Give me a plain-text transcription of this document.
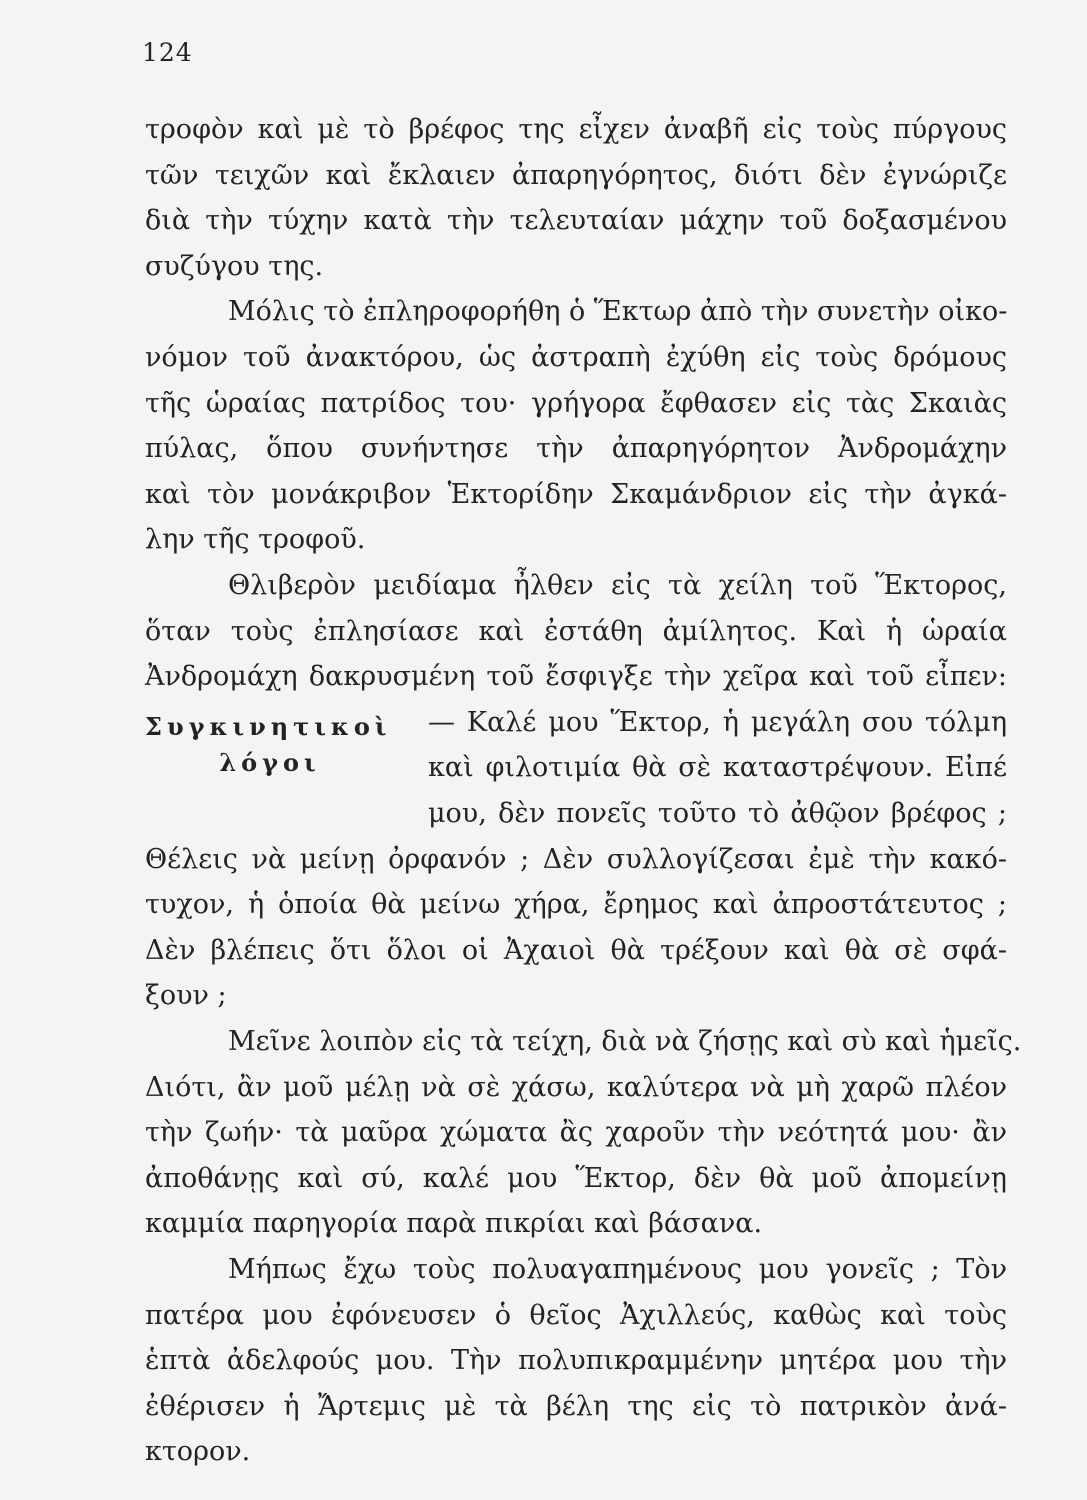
124
τροφὸν καὶ μὲ τὸ βρέφος της εἶχεν ἀναβῆ εἰς τοὺς πύργους
τῶν τειχῶν καὶ ἔκλαιεν ἀπαρηγόρητος, διότι δὲν ἐγνώριζε
διὰ τὴν τύχην κατὰ τὴν τελευταίαν μάχην τοῦ δοξασμένου
συζύγου της.
Μόλις τὸ ἐπληροφορήθη ὁ Ἕκτωρ ἀπὸ τὴν συνετὴν οἰκο-
νόμον τοῦ ἀνακτόρου, ὡς ἀστραπὴ ἐχύθη εἰς τοὺς δρόμους
τῆς ὡραίας πατρίδος του· γρήγορα ἔφθασεν εἰς τὰς Σκαιὰς
πύλας, ὅπου συνήντησε τὴν ἀπαρηγόρητον Ἀνδρομάχην
καὶ τὸν μονάκριβον Ἑκτορίδην Σκαμάνδριον εἰς τὴν ἀγκά-
λην τῆς τροφοῦ.
Θλιβερὸν μειδίαμα ἦλθεν εἰς τὰ χείλη τοῦ Ἕκτορος,
ὅταν τοὺς ἐπλησίασε καὶ ἐστάθη ἀμίλητος. Καὶ ἡ ὡραία
Ἀνδρομάχη δακρυσμένη τοῦ ἔσφιγξε τὴν χεῖρα καὶ τοῦ εἶπεν:
Συγκινητικοὶ
λόγοι
— Καλέ μου Ἕκτορ, ἡ μεγάλη σου τόλμη
καὶ φιλοτιμία θὰ σὲ καταστρέψουν. Εἰπέ
μου, δὲν πονεῖς τοῦτο τὸ ἀθῷον βρέφος ;
Θέλεις νὰ μείνῃ ὀρφανόν ; Δὲν συλλογίζεσαι ἐμὲ τὴν κακό-
τυχον, ἡ ὁποία θὰ μείνω χήρα, ἔρημος καὶ ἀπροστάτευτος ;
Δὲν βλέπεις ὅτι ὅλοι οἱ Ἀχαιοὶ θὰ τρέξουν καὶ θὰ σὲ σφά-
ξουν ;
Μεῖνε λοιπὸν εἰς τὰ τείχη, διὰ νὰ ζήσῃς καὶ σὺ καὶ ἡμεῖς.
Διότι, ἂν μοῦ μέλῃ νὰ σὲ χάσω, καλύτερα νὰ μὴ χαρῶ πλέον
τὴν ζωήν· τὰ μαῦρα χώματα ἂς χαροῦν τὴν νεότητά μου· ἂν
ἀποθάνῃς καὶ σύ, καλέ μου Ἕκτορ, δὲν θὰ μοῦ ἀπομείνῃ
καμμία παρηγορία παρὰ πικρίαι καὶ βάσανα.
Μήπως ἔχω τοὺς πολυαγαπημένους μου γονεῖς ; Τὸν
πατέρα μου ἐφόνευσεν ὁ θεῖος Ἀχιλλεύς, καθὼς καὶ τοὺς
ἑπτὰ ἀδελφούς μου. Τὴν πολυπικραμμένην μητέρα μου τὴν
ἐθέρισεν ἡ Ἄρτεμις μὲ τὰ βέλη της εἰς τὸ πατρικὸν ἀνά-
κτορον.
